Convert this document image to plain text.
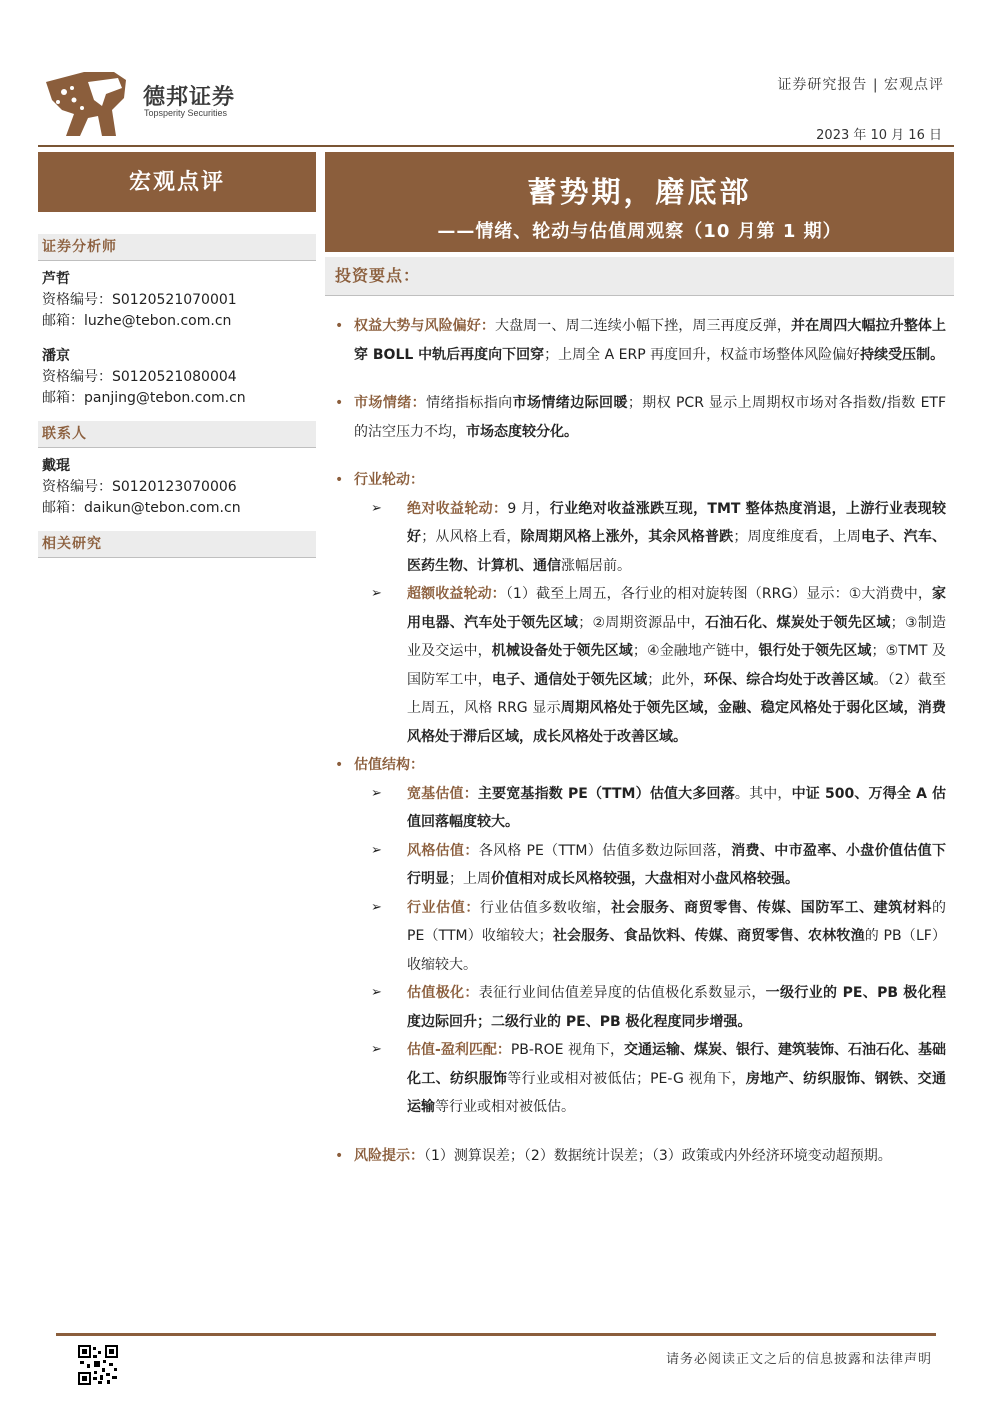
德邦证券
Topsperity Securities
证券研究报告 | 宏观点评
2023 年 10 月 16 日
宏观点评
证券分析师
芦哲
资格编号：S0120521070001
邮箱：luzhe@tebon.com.cn
潘京
资格编号：S0120521080004
邮箱：panjing@tebon.com.cn
联系人
戴琨
资格编号：S0120123070006
邮箱：daikun@tebon.com.cn
相关研究
蓄势期，磨底部
——情绪、轮动与估值周观察（10 月第 1 期）
投资要点：
• 权益大势与风险偏好：大盘周一、周二连续小幅下挫，周三再度反弹，并在周四大幅拉升整体上穿 BOLL 中轨后再度向下回穿；上周全 A ERP 再度回升，权益市场整体风险偏好持续受压制。
• 市场情绪：情绪指标指向市场情绪边际回暖；期权 PCR 显示上周期权市场对各指数/指数 ETF 的沽空压力不均，市场态度较分化。
• 行业轮动：
➢ 绝对收益轮动：9 月，行业绝对收益涨跌互现，TMT 整体热度消退，上游行业表现较好；从风格上看，除周期风格上涨外，其余风格普跌；周度维度看，上周电子、汽车、医药生物、计算机、通信涨幅居前。
➢ 超额收益轮动：（1）截至上周五，各行业的相对旋转图（RRG）显示：①大消费中，家用电器、汽车处于领先区域；②周期资源品中，石油石化、煤炭处于领先区域；③制造业及交运中，机械设备处于领先区域；④金融地产链中，银行处于领先区域；⑤TMT 及国防军工中，电子、通信处于领先区域；此外，环保、综合均处于改善区域。（2）截至上周五，风格 RRG 显示周期风格处于领先区域，金融、稳定风格处于弱化区域，消费风格处于滞后区域，成长风格处于改善区域。
• 估值结构：
➢ 宽基估值：主要宽基指数 PE（TTM）估值大多回落。其中，中证 500、万得全 A 估值回落幅度较大。
➢ 风格估值：各风格 PE（TTM）估值多数边际回落，消费、中市盈率、小盘价值估值下行明显；上周价值相对成长风格较强，大盘相对小盘风格较强。
➢ 行业估值：行业估值多数收缩，社会服务、商贸零售、传媒、国防军工、建筑材料的 PE（TTM）收缩较大；社会服务、食品饮料、传媒、商贸零售、农林牧渔的 PB（LF）收缩较大。
➢ 估值极化：表征行业间估值差异度的估值极化系数显示，一级行业的 PE、PB 极化程度边际回升；二级行业的 PE、PB 极化程度同步增强。
➢ 估值-盈利匹配：PB-ROE 视角下，交通运输、煤炭、银行、建筑装饰、石油石化、基础化工、纺织服饰等行业或相对被低估；PE-G 视角下，房地产、纺织服饰、钢铁、交通运输等行业或相对被低估。
• 风险提示：（1）测算误差；（2）数据统计误差；（3）政策或内外经济环境变动超预期。
请务必阅读正文之后的信息披露和法律声明
